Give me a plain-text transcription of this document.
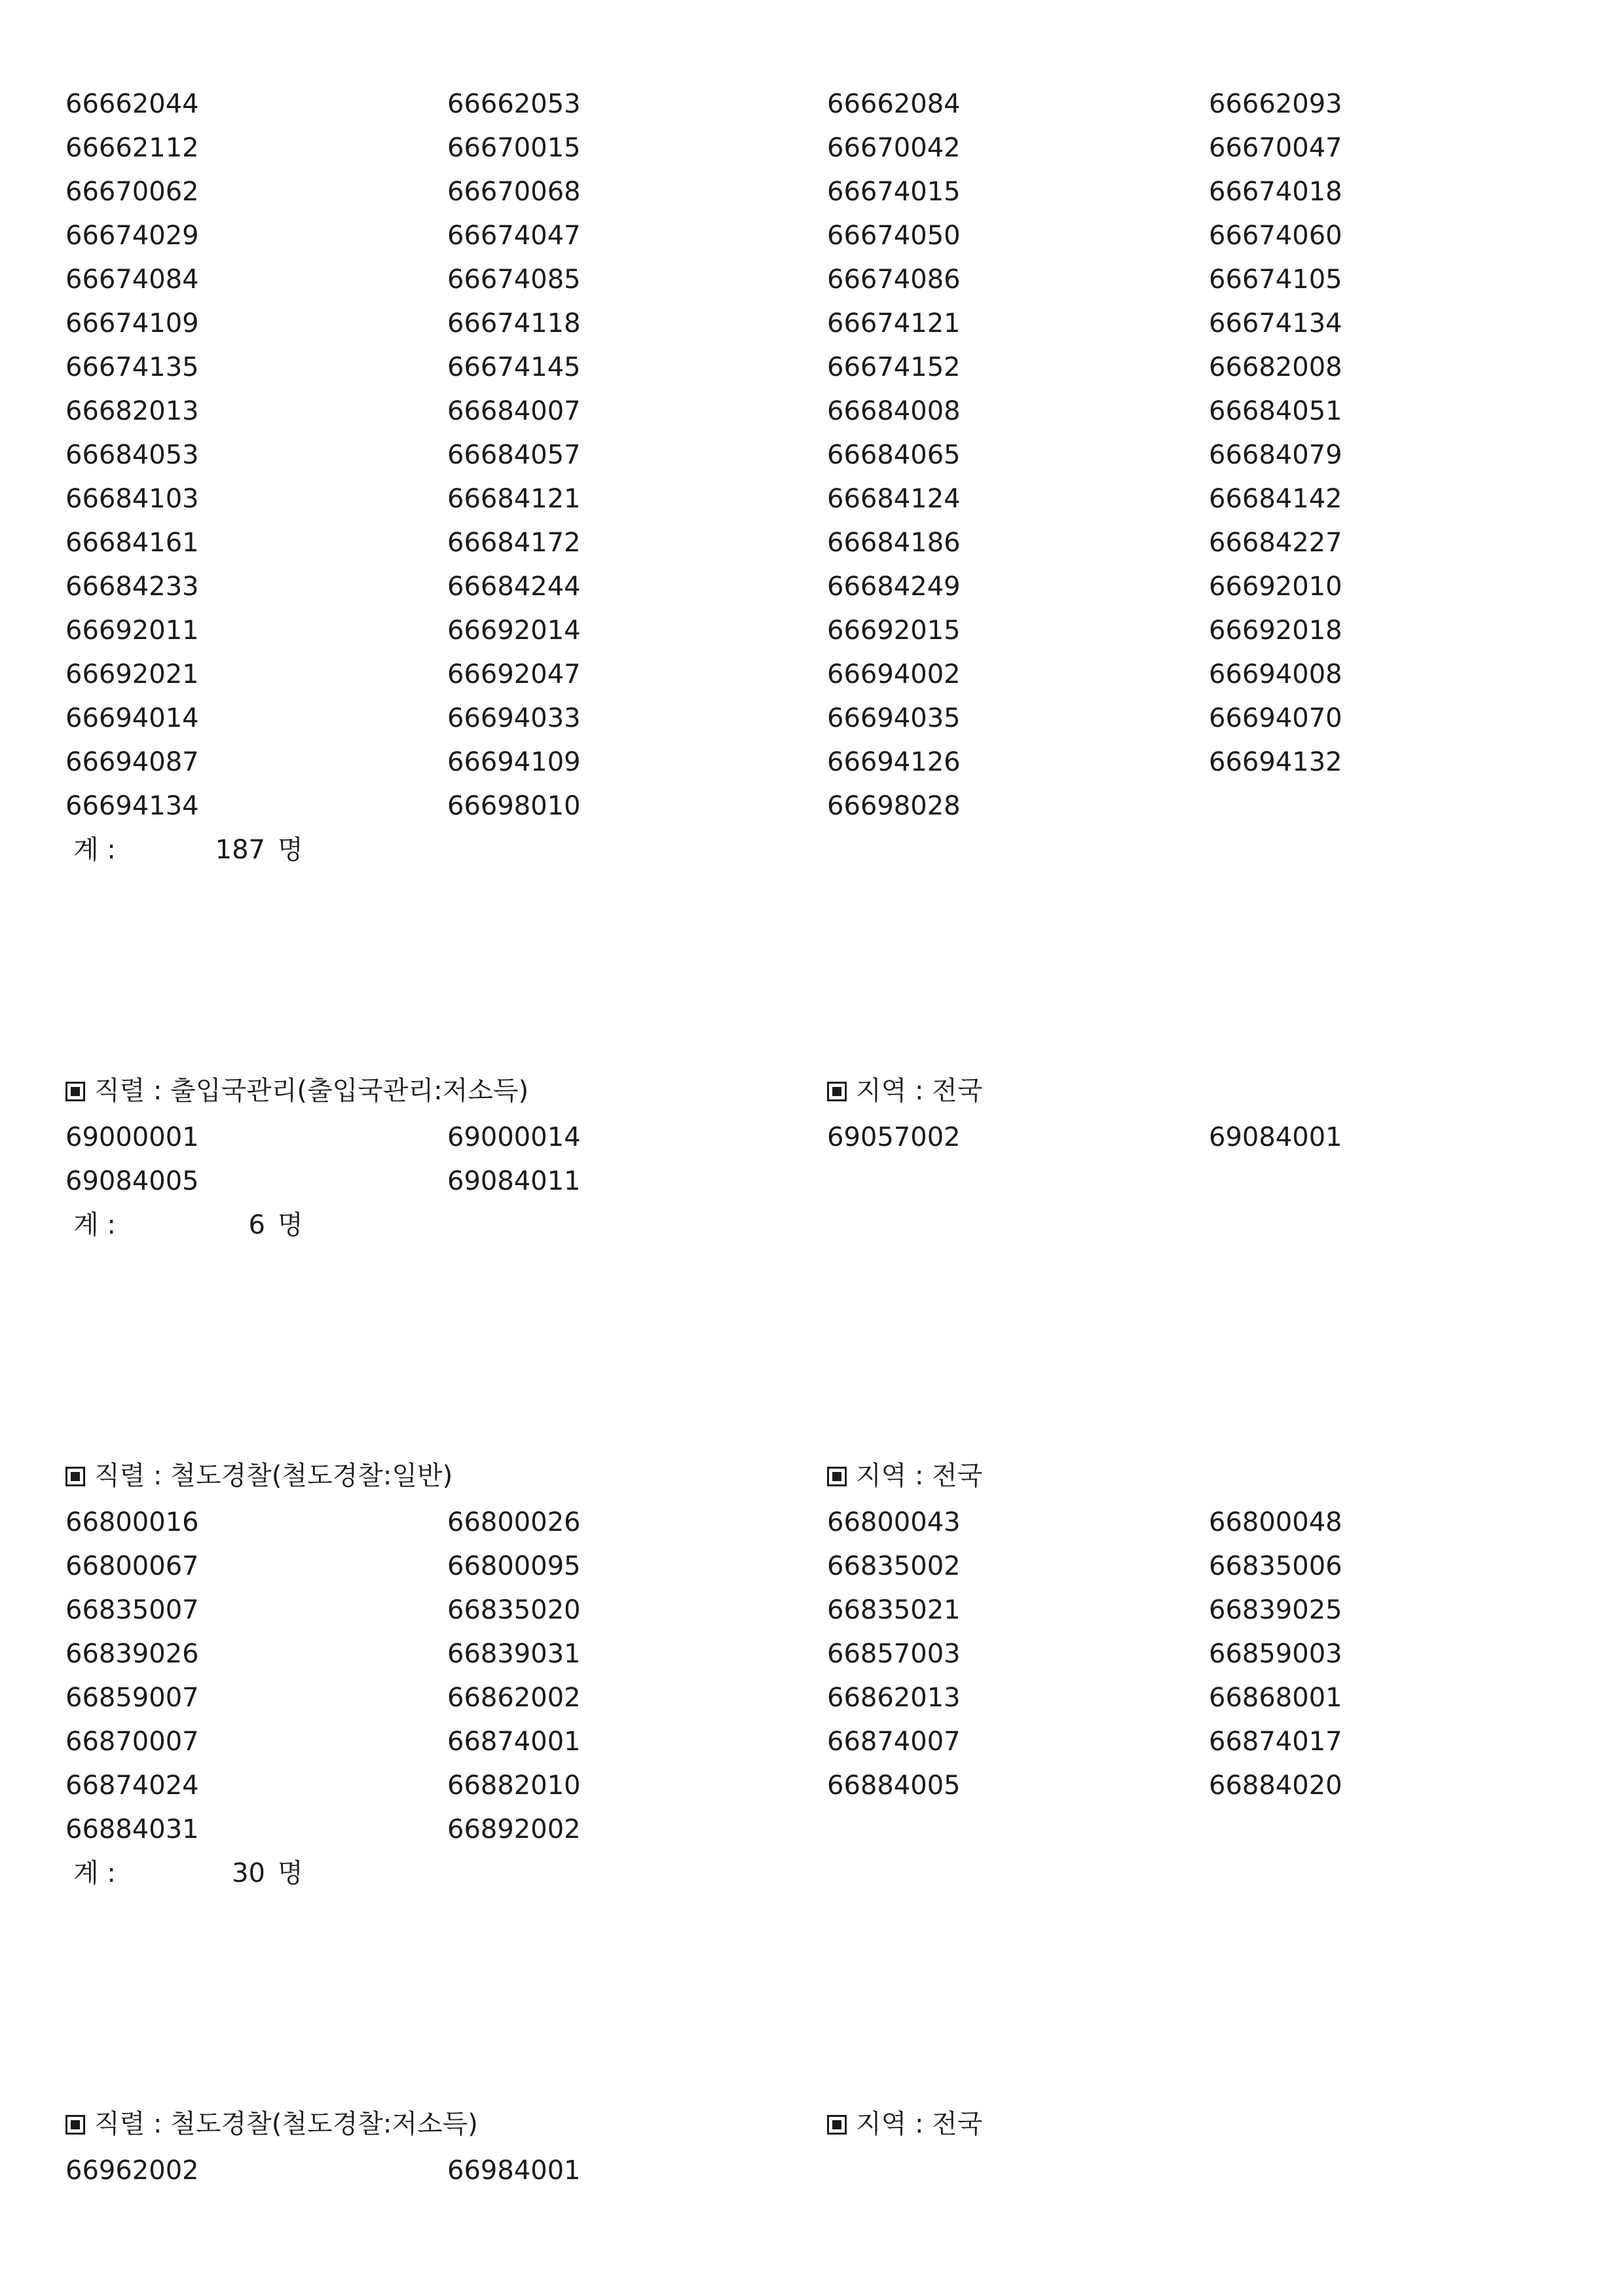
66662044	66662053	66662084	66662093
66662112	66670015	66670042	66670047
66670062	66670068	66674015	66674018
66674029	66674047	66674050	66674060
66674084	66674085	66674086	66674105
66674109	66674118	66674121	66674134
66674135	66674145	66674152	66682008
66682013	66684007	66684008	66684051
66684053	66684057	66684065	66684079
66684103	66684121	66684124	66684142
66684161	66684172	66684186	66684227
66684233	66684244	66684249	66692010
66692011	66692014	66692015	66692018
66692021	66692047	66694002	66694008
66694014	66694033	66694035	66694070
66694087	66694109	66694126	66694132
66694134	66698010	66698028
계 :	187 명
직렬 : 출입국관리(출입국관리:저소득)	지역 : 전국
69000001	69000014	69057002	69084001
69084005	69084011
계 :	6 명
직렬 : 철도경찰(철도경찰:일반)	지역 : 전국
66800016	66800026	66800043	66800048
66800067	66800095	66835002	66835006
66835007	66835020	66835021	66839025
66839026	66839031	66857003	66859003
66859007	66862002	66862013	66868001
66870007	66874001	66874007	66874017
66874024	66882010	66884005	66884020
66884031	66892002
계 :	30 명
직렬 : 철도경찰(철도경찰:저소득)	지역 : 전국
66962002	66984001
